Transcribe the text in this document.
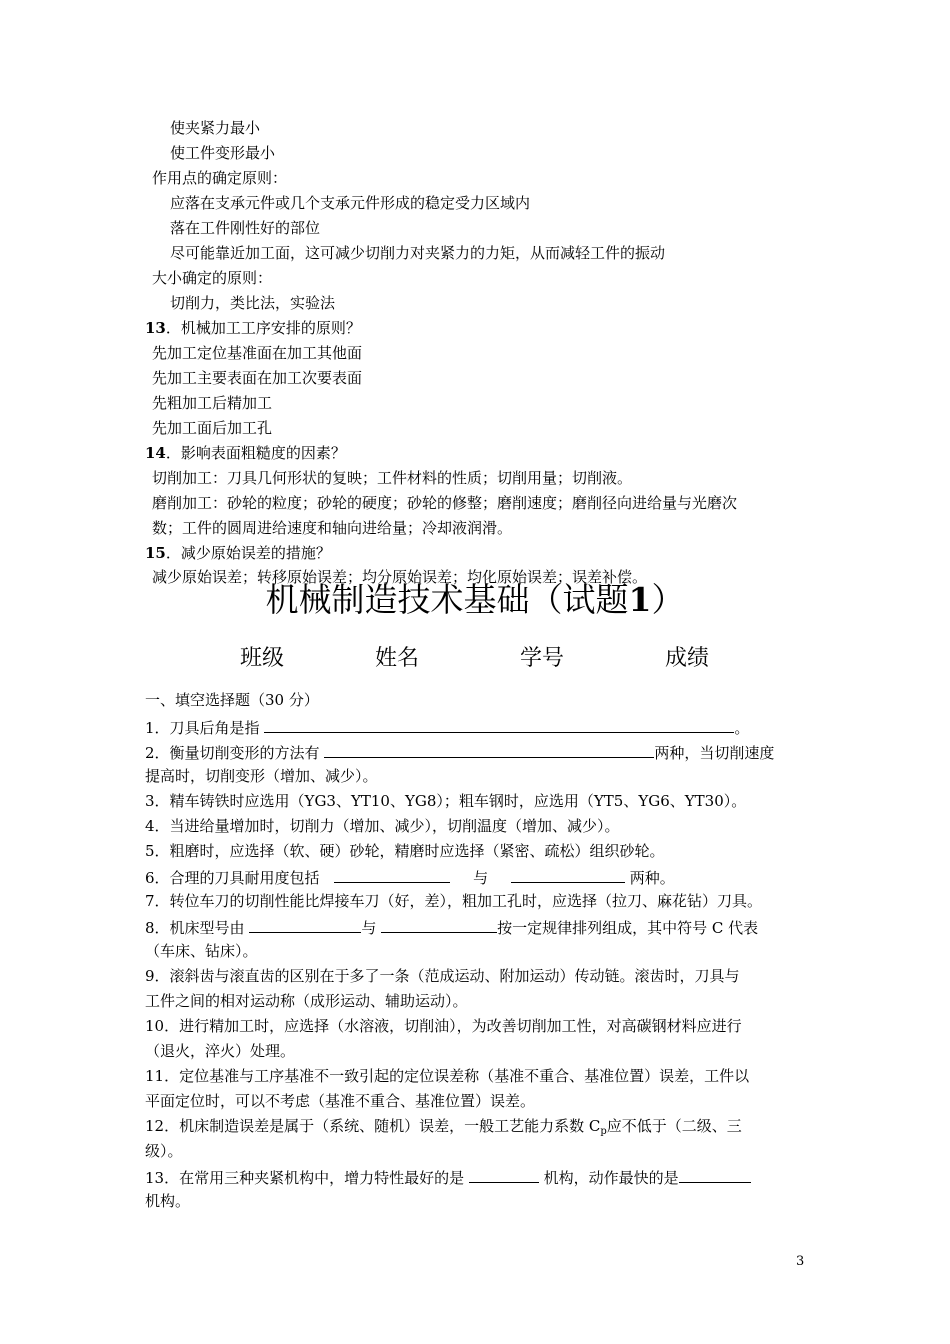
使夹紧力最小
使工件变形最小
作用点的确定原则：
应落在支承元件或几个支承元件形成的稳定受力区域内
落在工件刚性好的部位
尽可能靠近加工面，这可减少切削力对夹紧力的力矩，从而减轻工件的振动
大小确定的原则：
切削力，类比法，实验法
13．机械加工工序安排的原则？
先加工定位基准面在加工其他面
先加工主要表面在加工次要表面
先粗加工后精加工
先加工面后加工孔
14．影响表面粗糙度的因素？
切削加工：刀具几何形状的复映；工件材料的性质；切削用量；切削液。
磨削加工：砂轮的粒度；砂轮的硬度；砂轮的修整；磨削速度；磨削径向进给量与光磨次
数；工件的圆周进给速度和轴向进给量；冷却液润滑。
15．减少原始误差的措施？
减少原始误差；转移原始误差；均分原始误差；均化原始误差；误差补偿。
机械制造技术基础（试题1）
班级	姓名	学号	成绩
一、填空选择题（30 分）
1．刀具后角是指	。
2．衡量切削变形的方法有	两种，当切削速度
提高时，切削变形（增加、减少）。
3．精车铸铁时应选用（YG3、YT10、YG8）；粗车钢时，应选用（YT5、YG6、YT30）。
4．当进给量增加时，切削力（增加、减少），切削温度（增加、减少）。
5．粗磨时，应选择（软、硬）砂轮，精磨时应选择（紧密、疏松）组织砂轮。
6．合理的刀具耐用度包括	与	两种。
7．转位车刀的切削性能比焊接车刀（好，差），粗加工孔时，应选择（拉刀、麻花钻）刀具。
8．机床型号由	与	按一定规律排列组成，其中符号 C 代表
（车床、钻床）。
9．滚斜齿与滚直齿的区别在于多了一条（范成运动、附加运动）传动链。滚齿时，刀具与
工件之间的相对运动称（成形运动、辅助运动）。
10．进行精加工时，应选择（水溶液，切削油），为改善切削加工性，对高碳钢材料应进行
（退火，淬火）处理。
11．定位基准与工序基准不一致引起的定位误差称（基准不重合、基准位置）误差，工件以
平面定位时，可以不考虑（基准不重合、基准位置）误差。
12．机床制造误差是属于（系统、随机）误差，一般工艺能力系数 $C_p$应不低于（二级、三
级）。
13．在常用三种夹紧机构中，增力特性最好的是	机构，动作最快的是
机构。
3
